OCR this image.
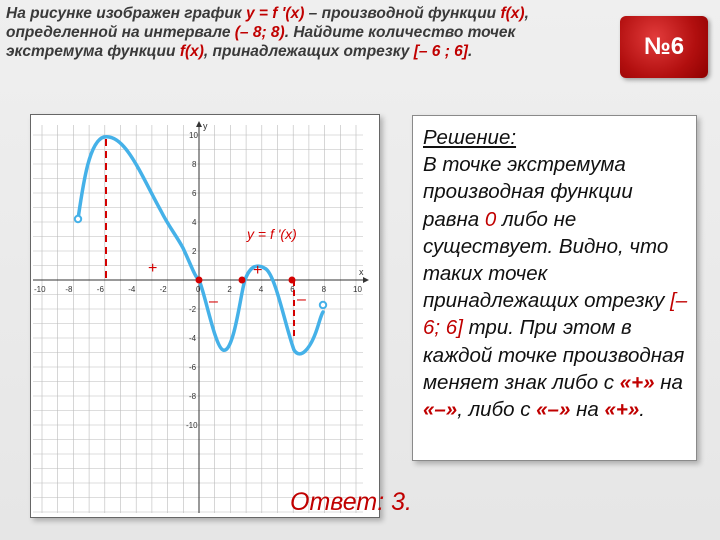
На рисунке изображен график у = f '(x) – производной функции f(x), определенной на интервале (– 8; 8). Найдите количество точек экстремума функции f(x), принадлежащих отрезку [– 6 ; 6].	№6
x
y
-10 -8	-6	-4	-2	0	2	4	6	8	10
10
8
6
4
2
-2
-4
-6
-8
-10
+
–
+
–
y = f '(x)
Решение:
В точке экстремума производная функции равна 0 либо не существует. Видно, что таких точек принадлежащих отрезку [–6; 6] три. При этом в каждой точке производная меняет знак либо с «+» на «–», либо с «–» на «+».
Ответ: 3.
